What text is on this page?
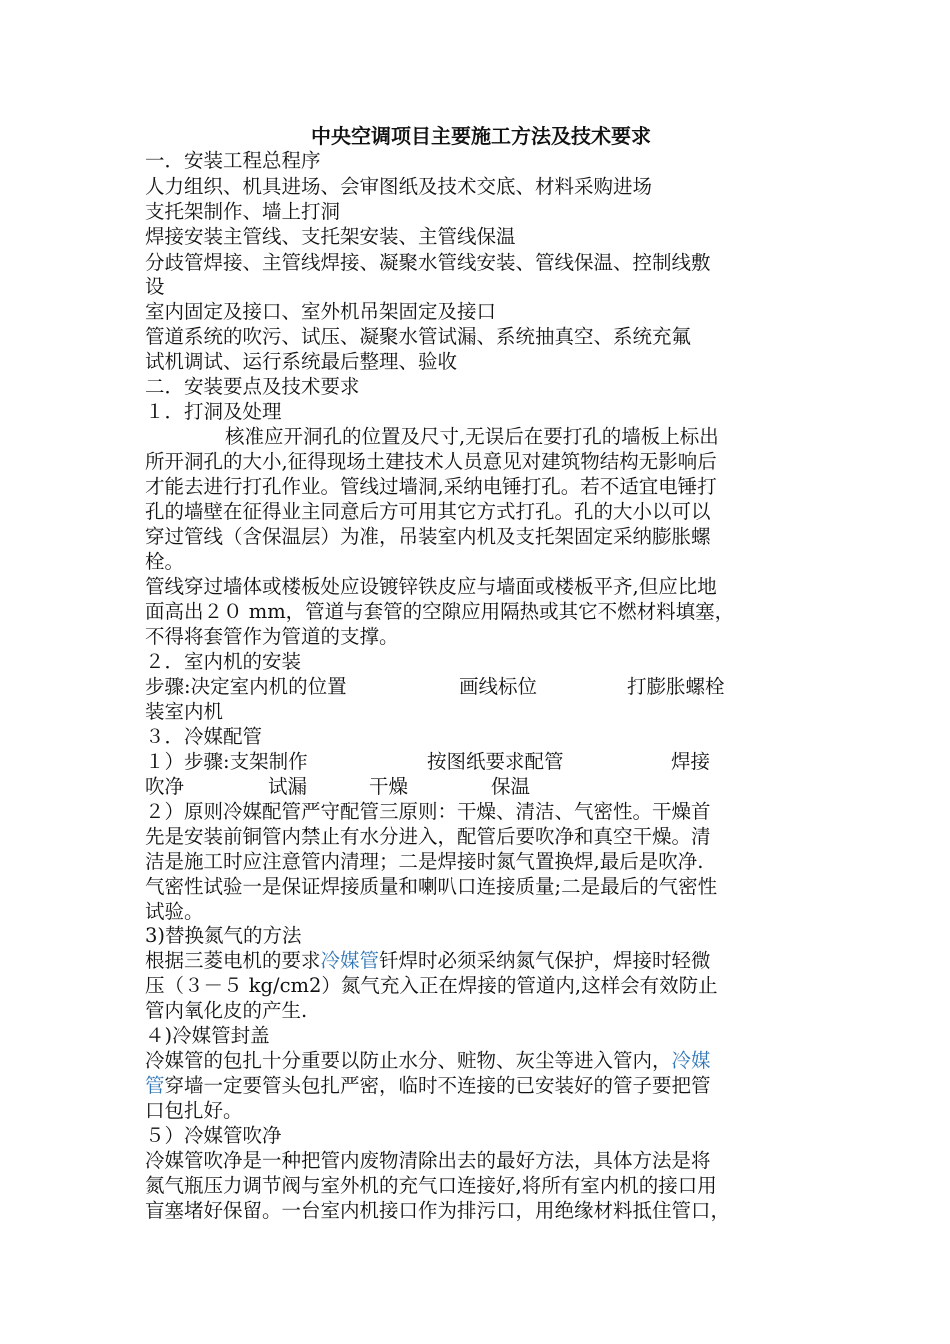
中央空调项目主要施工方法及技术要求
一．安装工程总程序
人力组织、机具进场、会审图纸及技术交底、材料采购进场
支托架制作、墙上打洞
焊接安装主管线、支托架安装、主管线保温
分歧管焊接、主管线焊接、凝聚水管线安装、管线保温、控制线敷
设
室内固定及接口、室外机吊架固定及接口
管道系统的吹污、试压、凝聚水管试漏、系统抽真空、系统充氟
试机调试、运行系统最后整理、验收
二．安装要点及技术要求
１．打洞及处理
核准应开洞孔的位置及尺寸,无误后在要打孔的墙板上标出
所开洞孔的大小,征得现场土建技术人员意见对建筑物结构无影响后
才能去进行打孔作业。管线过墙洞,采纳电锤打孔。若不适宜电锤打
孔的墙壁在征得业主同意后方可用其它方式打孔。孔的大小以可以
穿过管线（含保温层）为准，吊装室内机及支托架固定采纳膨胀螺
栓。
管线穿过墙体或楼板处应设镀锌铁皮应与墙面或楼板平齐,但应比地
面高出２０ mm，管道与套管的空隙应用隔热或其它不燃材料填塞，
不得将套管作为管道的支撑。
２．室内机的安装
步骤:决定室内机的位置	画线标位	打膨胀螺栓
装室内机
３．冷媒配管
１）步骤:支架制作	按图纸要求配管	焊接
吹净	试漏	干燥	保温
２）原则冷媒配管严守配管三原则：干燥、清洁、气密性。干燥首
先是安装前铜管内禁止有水分进入，配管后要吹净和真空干燥。清
洁是施工时应注意管内清理；二是焊接时氮气置换焊,最后是吹净.
气密性试验一是保证焊接质量和喇叭口连接质量;二是最后的气密性
试验。
3)替换氮气的方法
根据三菱电机的要求冷媒管钎焊时必须采纳氮气保护，焊接时轻微
压（３－５ kg/cm2）氮气充入正在焊接的管道内,这样会有效防止
管内氧化皮的产生.
４)冷媒管封盖
冷媒管的包扎十分重要以防止水分、赃物、灰尘等进入管内，冷媒
管穿墙一定要管头包扎严密，临时不连接的已安装好的管子要把管
口包扎好。
５）冷媒管吹净
冷媒管吹净是一种把管内废物清除出去的最好方法，具体方法是将
氮气瓶压力调节阀与室外机的充气口连接好,将所有室内机的接口用
盲塞堵好保留。一台室内机接口作为排污口，用绝缘材料抵住管口，
